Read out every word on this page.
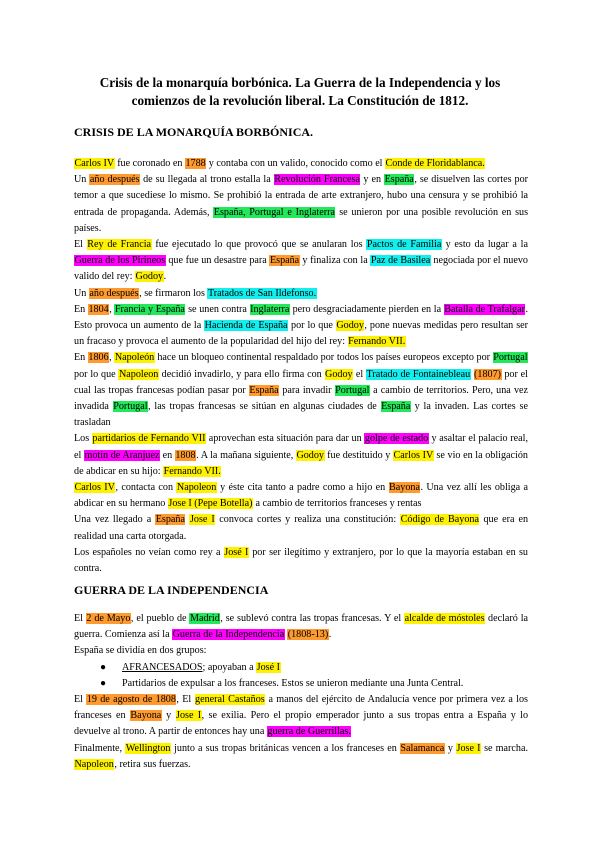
Crisis de la monarquía borbónica. La Guerra de la Independencia y los
comienzos de la revolución liberal. La Constitución de 1812.
CRISIS DE LA MONARQUÍA BORBÓNICA.

Carlos IV fue coronado en 1788 y contaba con un valido, conocido como el Conde de Floridablanca.

Un año después de su llegada al trono estalla la Revolución Francesa y en España, se disuelven las cortes por temor a que sucediese lo mismo. Se prohibió la entrada de arte extranjero, hubo una censura y se prohibió la entrada de propaganda. Además, España, Portugal e Inglaterra se unieron por una posible revolución en sus países.

El Rey de Francia fue ejecutado lo que provocó que se anularan los Pactos de Familia y esto da lugar a la Guerra de los Pirineos que fue un desastre para España y finaliza con la Paz de Basilea negociada por el nuevo valido del rey: Godoy.

Un año después, se firmaron los Tratados de San Ildefonso.

En 1804, Francia y España se unen contra Inglaterra pero desgraciadamente pierden en la Batalla de Trafalgar. Esto provoca un aumento de la Hacienda de España por lo que Godoy, pone nuevas medidas pero resultan ser un fracaso y provoca el aumento de la popularidad del hijo del rey: Fernando VII.

En 1806, Napoleón hace un bloqueo continental respaldado por todos los países europeos excepto por Portugal por lo que Napoleon decidió invadirlo, y para ello firma con Godoy el Tratado de Fontainebleau (1807) por el cual las tropas francesas podían pasar por España para invadir Portugal a cambio de territorios. Pero, una vez invadida Portugal, las tropas francesas se sitúan en algunas ciudades de España y la invaden. Las cortes se trasladan

Los partidarios de Fernando VII aprovechan esta situación para dar un golpe de estado y asaltar el palacio real, el motín de Aranjuez en 1808. A la mañana siguiente, Godoy fue destituido y Carlos IV se vio en la obligación de abdicar en su hijo: Fernando VII.

Carlos IV, contacta con Napoleon y éste cita tanto a padre como a hijo en Bayona. Una vez allí les obliga a abdicar en su hermano Jose I (Pepe Botella) a cambio de territorios franceses y rentas

Una vez llegado a España Jose I convoca cortes y realiza una constitución: Código de Bayona que era en realidad una carta otorgada.

Los españoles no veían como rey a José I por ser ilegítimo y extranjero, por lo que la mayoría estaban en su contra.

GUERRA DE LA INDEPENDENCIA

El 2 de Mayo, el pueblo de Madrid, se sublevó contra las tropas francesas. Y el alcalde de móstoles declaró la guerra. Comienza así la Guerra de la Independencia (1808-13).

España se dividía en dos grupos:

● AFRANCESADOS; apoyaban a José I
● Partidarios de expulsar a los franceses. Estos se unieron mediante una Junta Central.

El 19 de agosto de 1808, El general Castaños a manos del ejército de Andalucía vence por primera vez a los franceses en Bayona y Jose I, se exilia. Pero el propio emperador junto a sus tropas entra a España y lo devuelve al trono. A partir de entonces hay una guerra de Guerrillas.

Finalmente, Wellington junto a sus tropas británicas vencen a los franceses en Salamanca y Jose I se marcha. Napoleon, retira sus fuerzas.
